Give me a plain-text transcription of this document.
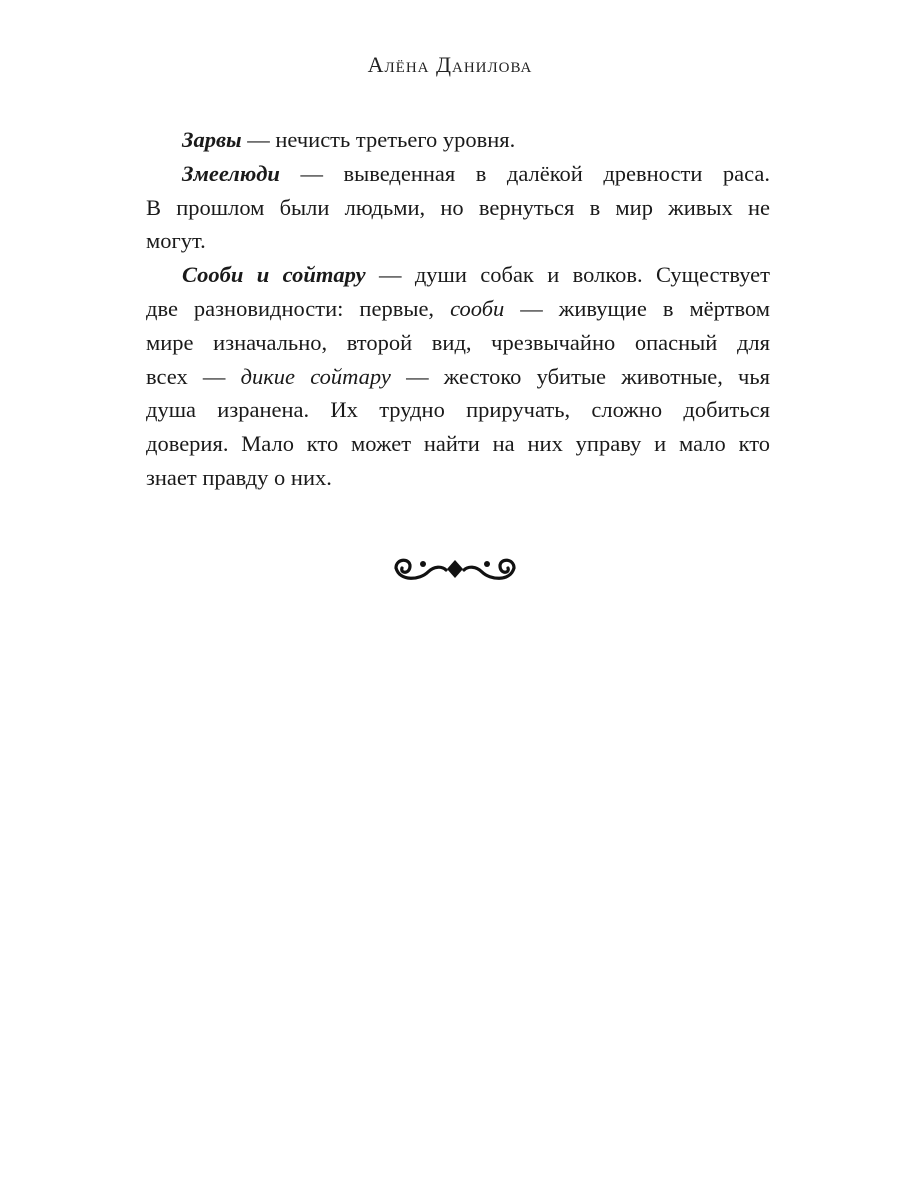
Алёна Данилова
Зарвы — нечисть третьего уровня.
Змеелюди — выведенная в далёкой древности раса.
В прошлом были людьми, но вернуться в мир живых не
могут.
Сооби и сойтару — души собак и волков. Существует
две разновидности: первые, сооби — живущие в мёртвом
мире изначально, второй вид, чрезвычайно опасный для
всех — дикие сойтару — жестоко убитые животные, чья
душа изранена. Их трудно приручать, сложно добиться
доверия. Мало кто может найти на них управу и мало кто
знает правду о них.
